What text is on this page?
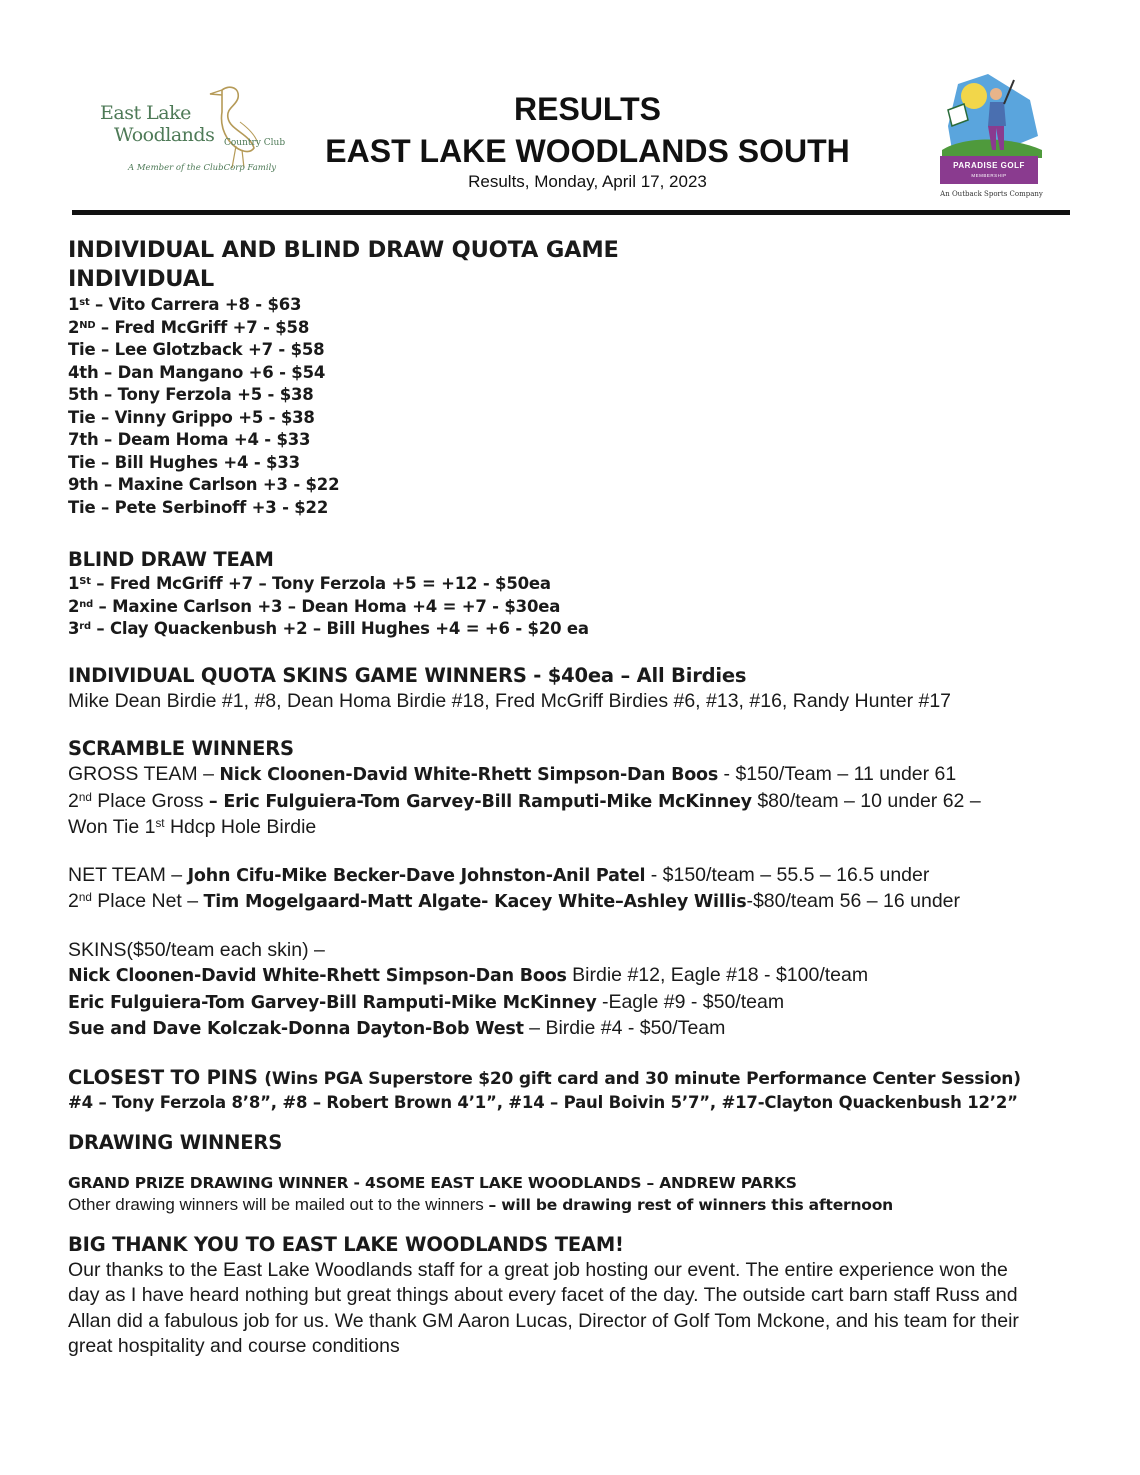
East Lake
Woodlands Country Club
A Member of the ClubCorp Family
RESULTS
EAST LAKE WOODLANDS SOUTH
Results, Monday, April 17, 2023
PARADISE GOLF
MEMBERSHIP
An Outback Sports Company
INDIVIDUAL AND BLIND DRAW QUOTA GAME
INDIVIDUAL
1st – Vito Carrera +8 - $63
2ND – Fred McGriff +7 - $58
Tie – Lee Glotzback +7 - $58
4th – Dan Mangano +6 - $54
5th – Tony Ferzola +5 - $38
Tie – Vinny Grippo +5 - $38
7th – Deam Homa +4 - $33
Tie – Bill Hughes +4 - $33
9th – Maxine Carlson +3 - $22
Tie – Pete Serbinoff +3 - $22
BLIND DRAW TEAM
1St – Fred McGriff +7 – Tony Ferzola +5 = +12 - $50ea
2nd – Maxine Carlson +3 – Dean Homa +4 = +7 - $30ea
3rd – Clay Quackenbush +2 – Bill Hughes +4 = +6 - $20 ea
INDIVIDUAL QUOTA SKINS GAME WINNERS - $40ea – All Birdies
Mike Dean Birdie #1, #8, Dean Homa Birdie #18, Fred McGriff Birdies #6, #13, #16, Randy Hunter #17
SCRAMBLE WINNERS
GROSS TEAM – Nick Cloonen-David White-Rhett Simpson-Dan Boos - $150/Team – 11 under 61
2nd Place Gross – Eric Fulguiera-Tom Garvey-Bill Ramputi-Mike McKinney $80/team – 10 under 62 –
Won Tie 1st Hdcp Hole Birdie
NET TEAM – John Cifu-Mike Becker-Dave Johnston-Anil Patel - $150/team – 55.5 – 16.5 under
2nd Place Net – Tim Mogelgaard-Matt Algate- Kacey White–Ashley Willis-$80/team 56 – 16 under
SKINS($50/team each skin) –
Nick Cloonen-David White-Rhett Simpson-Dan Boos Birdie #12, Eagle #18 - $100/team
Eric Fulguiera-Tom Garvey-Bill Ramputi-Mike McKinney -Eagle #9 - $50/team
Sue and Dave Kolczak-Donna Dayton-Bob West – Birdie #4 - $50/Team
CLOSEST TO PINS (Wins PGA Superstore $20 gift card and 30 minute Performance Center Session)
#4 – Tony Ferzola 8’8”, #8 – Robert Brown 4’1”, #14 – Paul Boivin 5’7”, #17-Clayton Quackenbush 12’2”
DRAWING WINNERS
GRAND PRIZE DRAWING WINNER - 4SOME EAST LAKE WOODLANDS – ANDREW PARKS
Other drawing winners will be mailed out to the winners – will be drawing rest of winners this afternoon
BIG THANK YOU TO EAST LAKE WOODLANDS TEAM!
Our thanks to the East Lake Woodlands staff for a great job hosting our event. The entire experience won the
day as I have heard nothing but great things about every facet of the day. The outside cart barn staff Russ and
Allan did a fabulous job for us. We thank GM Aaron Lucas, Director of Golf Tom Mckone, and his team for their
great hospitality and course conditions
